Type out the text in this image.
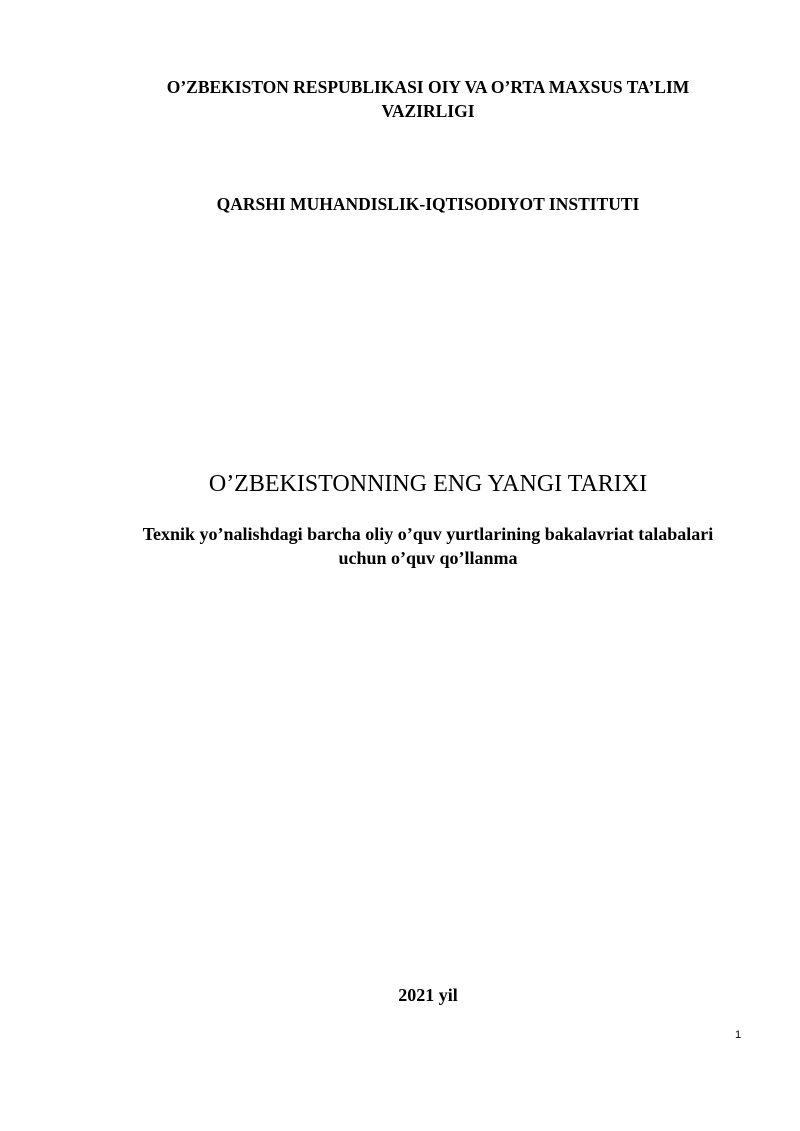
O’ZBEKISTON RESPUBLIKASI OIY VA O’RTA MAXSUS TA’LIM
VAZIRLIGI
QARSHI MUHANDISLIK-IQTISODIYOT INSTITUTI
O’ZBEKISTONNING ENG YANGI TARIXI
Texnik yo’nalishdagi barcha oliy o’quv yurtlarining bakalavriat talabalari
uchun o’quv qo’llanma
2021 yil
1
